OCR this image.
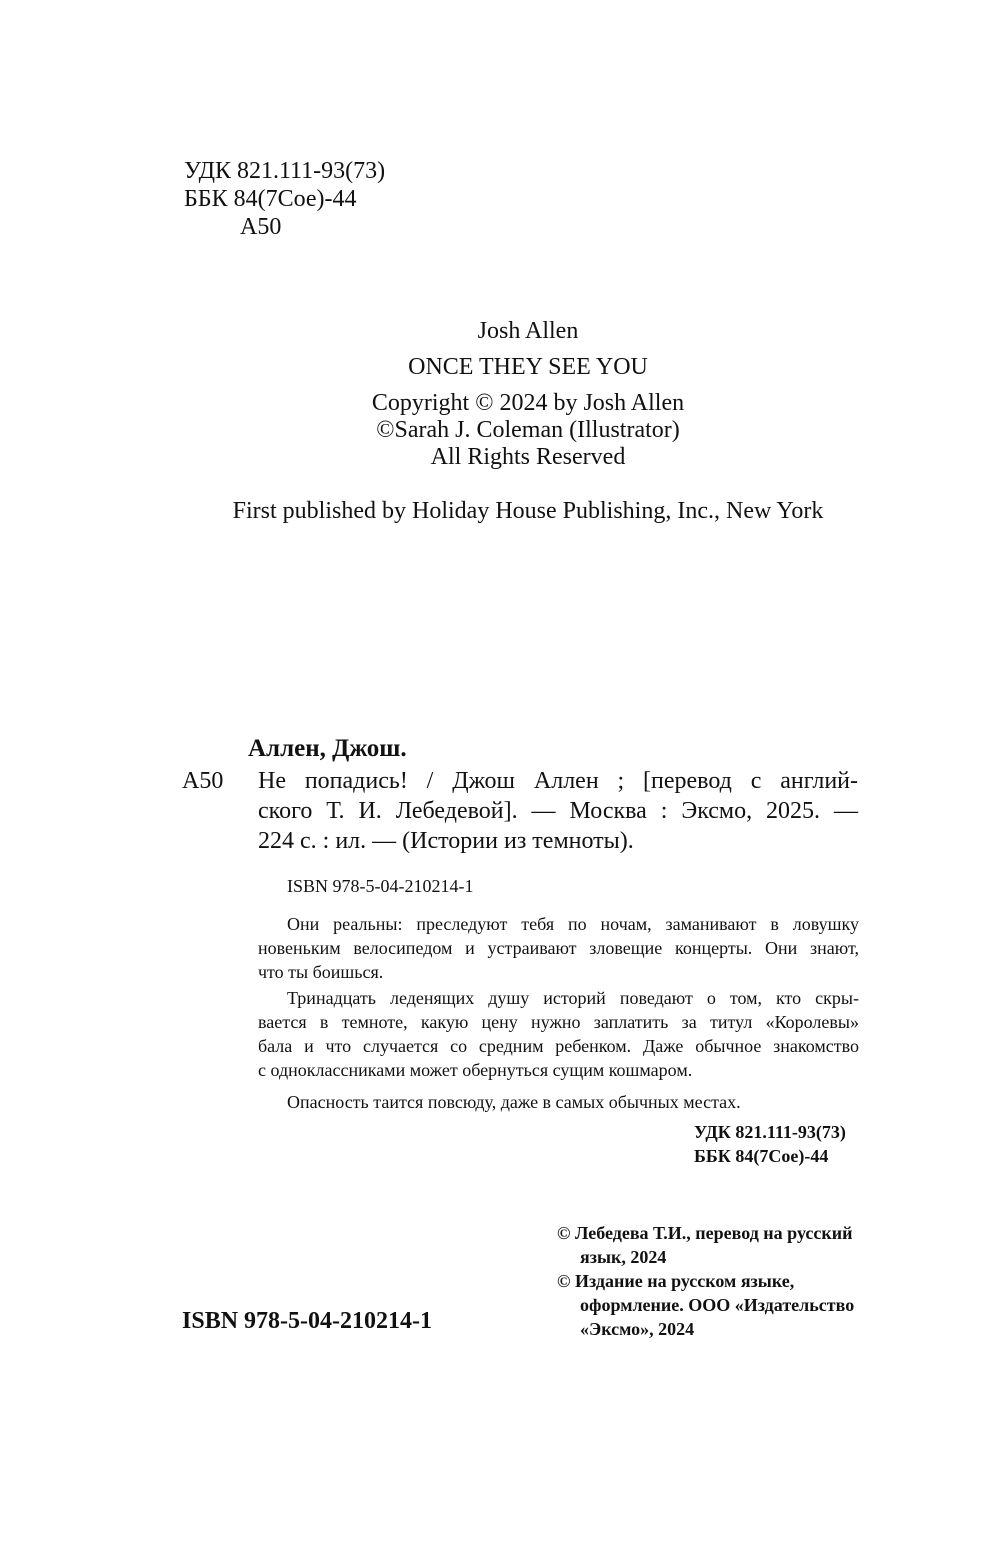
УДК 821.111-93(73)
ББК 84(7Сое)-44
А50
Josh Allen
ONCE THEY SEE YOU
Copyright © 2024 by Josh Allen
©Sarah J. Coleman (Illustrator)
All Rights Reserved
First published by Holiday House Publishing, Inc., New York
Аллен, Джош.
А50 Не попадись! / Джош Аллен ; [перевод с англий-
ского Т. И. Лебедевой]. — Москва : Эксмо, 2025. —
224 с. : ил. — (Истории из темноты).
ISBN 978-5-04-210214-1
Они реальны: преследуют тебя по ночам, заманивают в ловушку
новеньким велосипедом и устраивают зловещие концерты. Они знают,
что ты боишься.
Тринадцать леденящих душу историй поведают о том, кто скры-
вается в темноте, какую цену нужно заплатить за титул «Королевы»
бала и что случается со средним ребенком. Даже обычное знакомство
с одноклассниками может обернуться сущим кошмаром.
Опасность таится повсюду, даже в самых обычных местах.
УДК 821.111-93(73)
ББК 84(7Сое)-44
ISBN 978-5-04-210214-1
© Лебедева Т.И., перевод на русский
язык, 2024
© Издание на русском языке,
оформление. ООО «Издательство
«Эксмо», 2024
